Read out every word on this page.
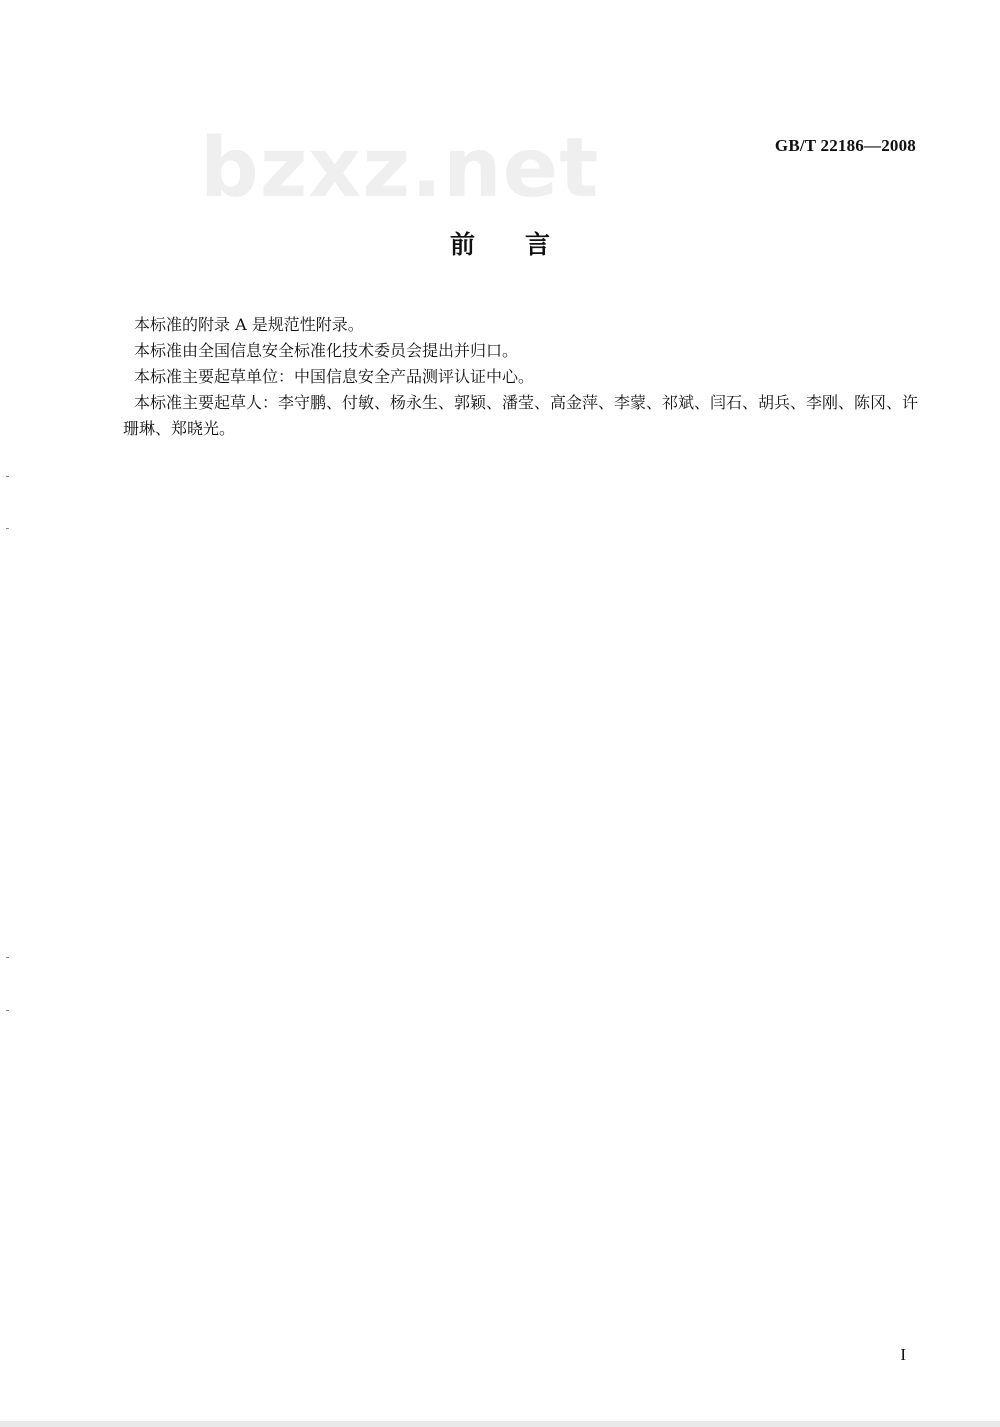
bzxz.net	GB/T 22186—2008
前言

本标准的附录 A 是规范性附录。

本标准由全国信息安全标准化技术委员会提出并归口。

本标准主要起草单位：中国信息安全产品测评认证中心。

本标准主要起草人：李守鹏、付敏、杨永生、郭颖、潘莹、高金萍、李蒙、祁斌、闫石、胡兵、李刚、陈冈、许珊琳、郑晓光。

I
